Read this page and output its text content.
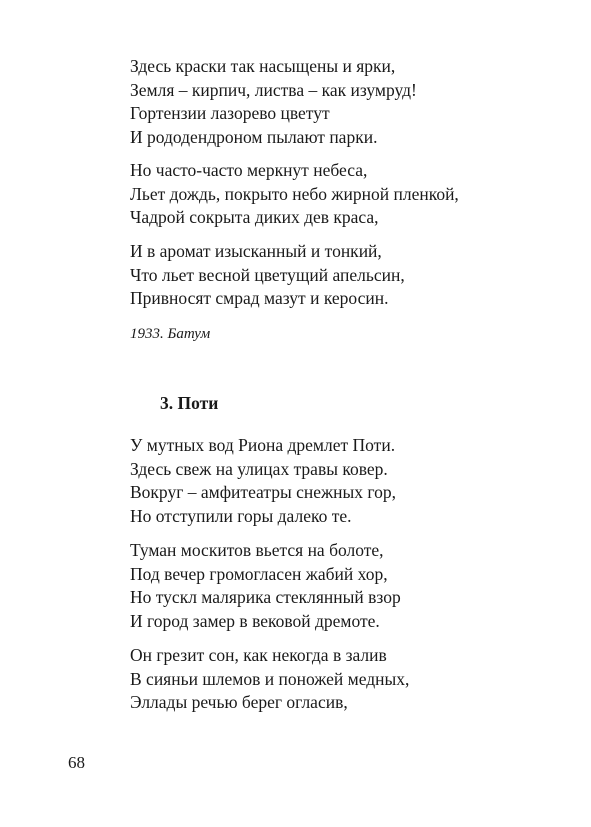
Здесь краски так насыщены и ярки,
Земля – кирпич, листва – как изумруд!
Гортензии лазорево цветут
И рододендроном пылают парки.
Но часто-часто меркнут небеса,
Льет дождь, покрыто небо жирной пленкой,
Чадрой сокрыта диких дев краса,
И в аромат изысканный и тонкий,
Что льет весной цветущий апельсин,
Привносят смрад мазут и керосин.
1933. Батум
3. Поти
У мутных вод Риона дремлет Поти.
Здесь свеж на улицах травы ковер.
Вокруг – амфитеатры снежных гор,
Но отступили горы далеко те.
Туман москитов вьется на болоте,
Под вечер громогласен жабий хор,
Но тускл малярика стеклянный взор
И город замер в вековой дремоте.
Он грезит сон, как некогда в залив
В сияньи шлемов и поножей медных,
Эллады речью берег огласив,
68
